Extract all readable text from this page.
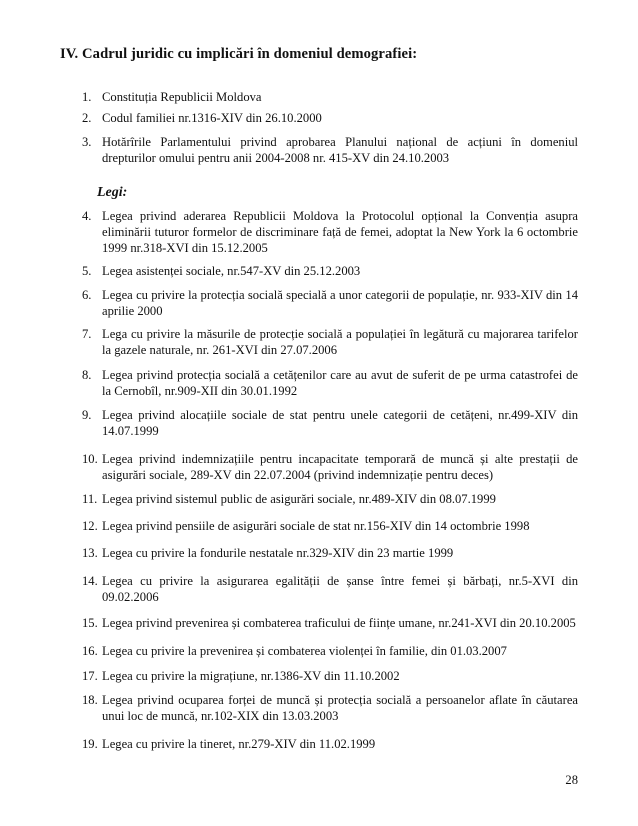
IV. Cadrul juridic cu implicări în domeniul demografiei:
1. Constituția Republicii Moldova
2. Codul familiei nr.1316-XIV din 26.10.2000
3. Hotărîrile Parlamentului privind aprobarea Planului național de acțiuni în domeniul drepturilor omului pentru anii 2004-2008 nr. 415-XV din 24.10.2003
Legi:
4. Legea privind aderarea Republicii Moldova la Protocolul opțional la Convenția asupra eliminării tuturor formelor de discriminare față de femei, adoptat la New York la 6 octombrie 1999 nr.318-XVI din 15.12.2005
5. Legea asistenței sociale, nr.547-XV din 25.12.2003
6. Legea cu privire la protecția socială specială a unor categorii de populație, nr. 933-XIV din 14 aprilie 2000
7. Lega cu privire la măsurile de protecție socială a populației în legătură cu majorarea tarifelor la gazele naturale, nr. 261-XVI din 27.07.2006
8. Legea privind protecția socială a cetățenilor care au avut de suferit de pe urma catastrofei de la Cernobîl, nr.909-XII din 30.01.1992
9. Legea privind alocațiile sociale de stat pentru unele categorii de cetățeni, nr.499-XIV din 14.07.1999
10. Legea privind indemnizațiile pentru incapacitate temporară de muncă și alte prestații de asigurări sociale, 289-XV din 22.07.2004 (privind indemnizație pentru deces)
11. Legea privind sistemul public de asigurări sociale, nr.489-XIV din 08.07.1999
12. Legea privind pensiile de asigurări sociale de stat nr.156-XIV din 14 octombrie 1998
13. Legea cu privire la fondurile nestatale nr.329-XIV din 23 martie 1999
14. Legea cu privire la asigurarea egalității de șanse între femei și bărbați, nr.5-XVI din 09.02.2006
15. Legea privind prevenirea și combaterea traficului de ființe umane, nr.241-XVI din 20.10.2005
16. Legea cu privire la prevenirea și combaterea violenței în familie, din 01.03.2007
17. Legea cu privire la migrațiune, nr.1386-XV din 11.10.2002
18. Legea privind ocuparea forței de muncă și protecția socială a persoanelor aflate în căutarea unui loc de muncă, nr.102-XIX din 13.03.2003
19. Legea cu privire la tineret, nr.279-XIV din 11.02.1999
28
